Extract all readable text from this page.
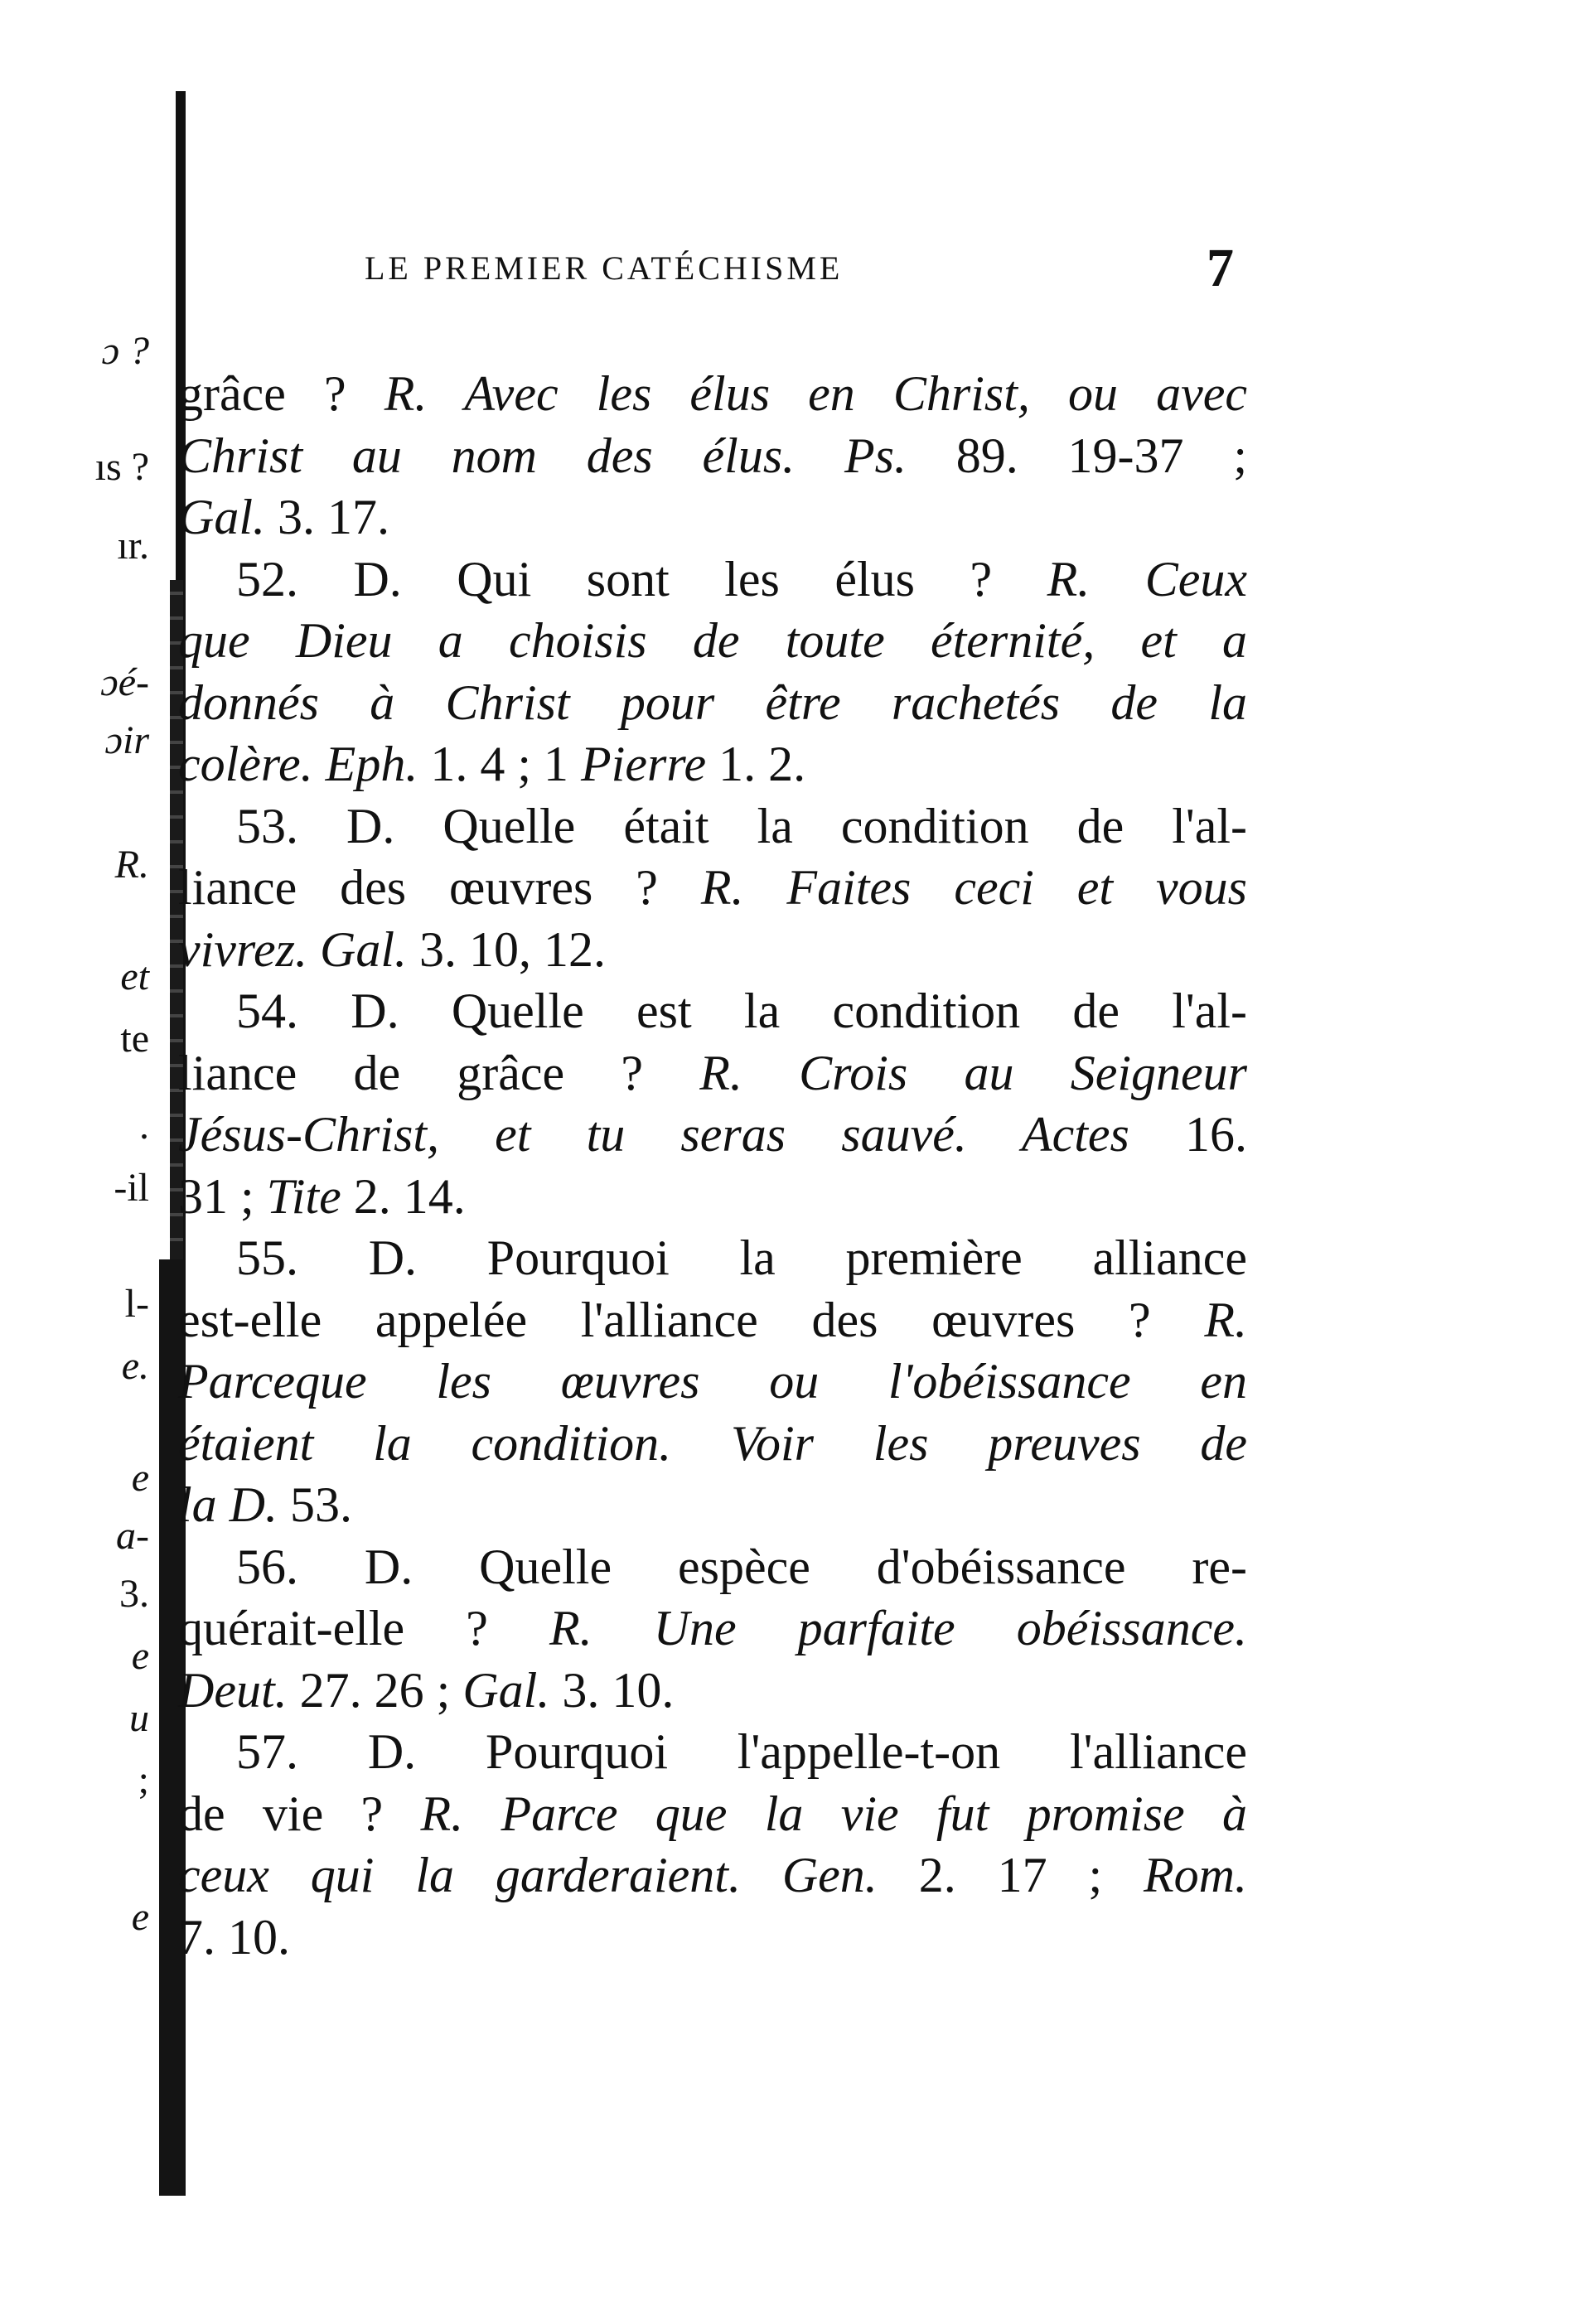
ɔ ?
ıs ?
ır.
ɔé-
ɔir
R.
et
te
.
-il
l-
e.
e
a-
3.
e
u
;
e
LE PREMIER CATÉCHISME	7
grâce ? R. Avec les élus en Christ, ou avec
Christ au nom des élus. Ps. 89. 19-37 ;
Gal. 3. 17.
52. D. Qui sont les élus ? R. Ceux
que Dieu a choisis de toute éternité, et a
donnés à Christ pour être rachetés de la
colère. Eph. 1. 4 ; 1 Pierre 1. 2.
53. D. Quelle était la condition de l'al-
liance des œuvres ? R. Faites ceci et vous
vivrez. Gal. 3. 10, 12.
54. D. Quelle est la condition de l'al-
liance de grâce ? R. Crois au Seigneur
Jésus-Christ, et tu seras sauvé. Actes 16.
31 ; Tite 2. 14.
55. D. Pourquoi la première alliance
est-elle appelée l'alliance des œuvres ? R.
Parceque les œuvres ou l'obéissance en
étaient la condition. Voir les preuves de
la D. 53.
56. D. Quelle espèce d'obéissance re-
quérait-elle ? R. Une parfaite obéissance.
Deut. 27. 26 ; Gal. 3. 10.
57. D. Pourquoi l'appelle-t-on l'alliance
de vie ? R. Parce que la vie fut promise à
ceux qui la garderaient. Gen. 2. 17 ; Rom.
7. 10.
